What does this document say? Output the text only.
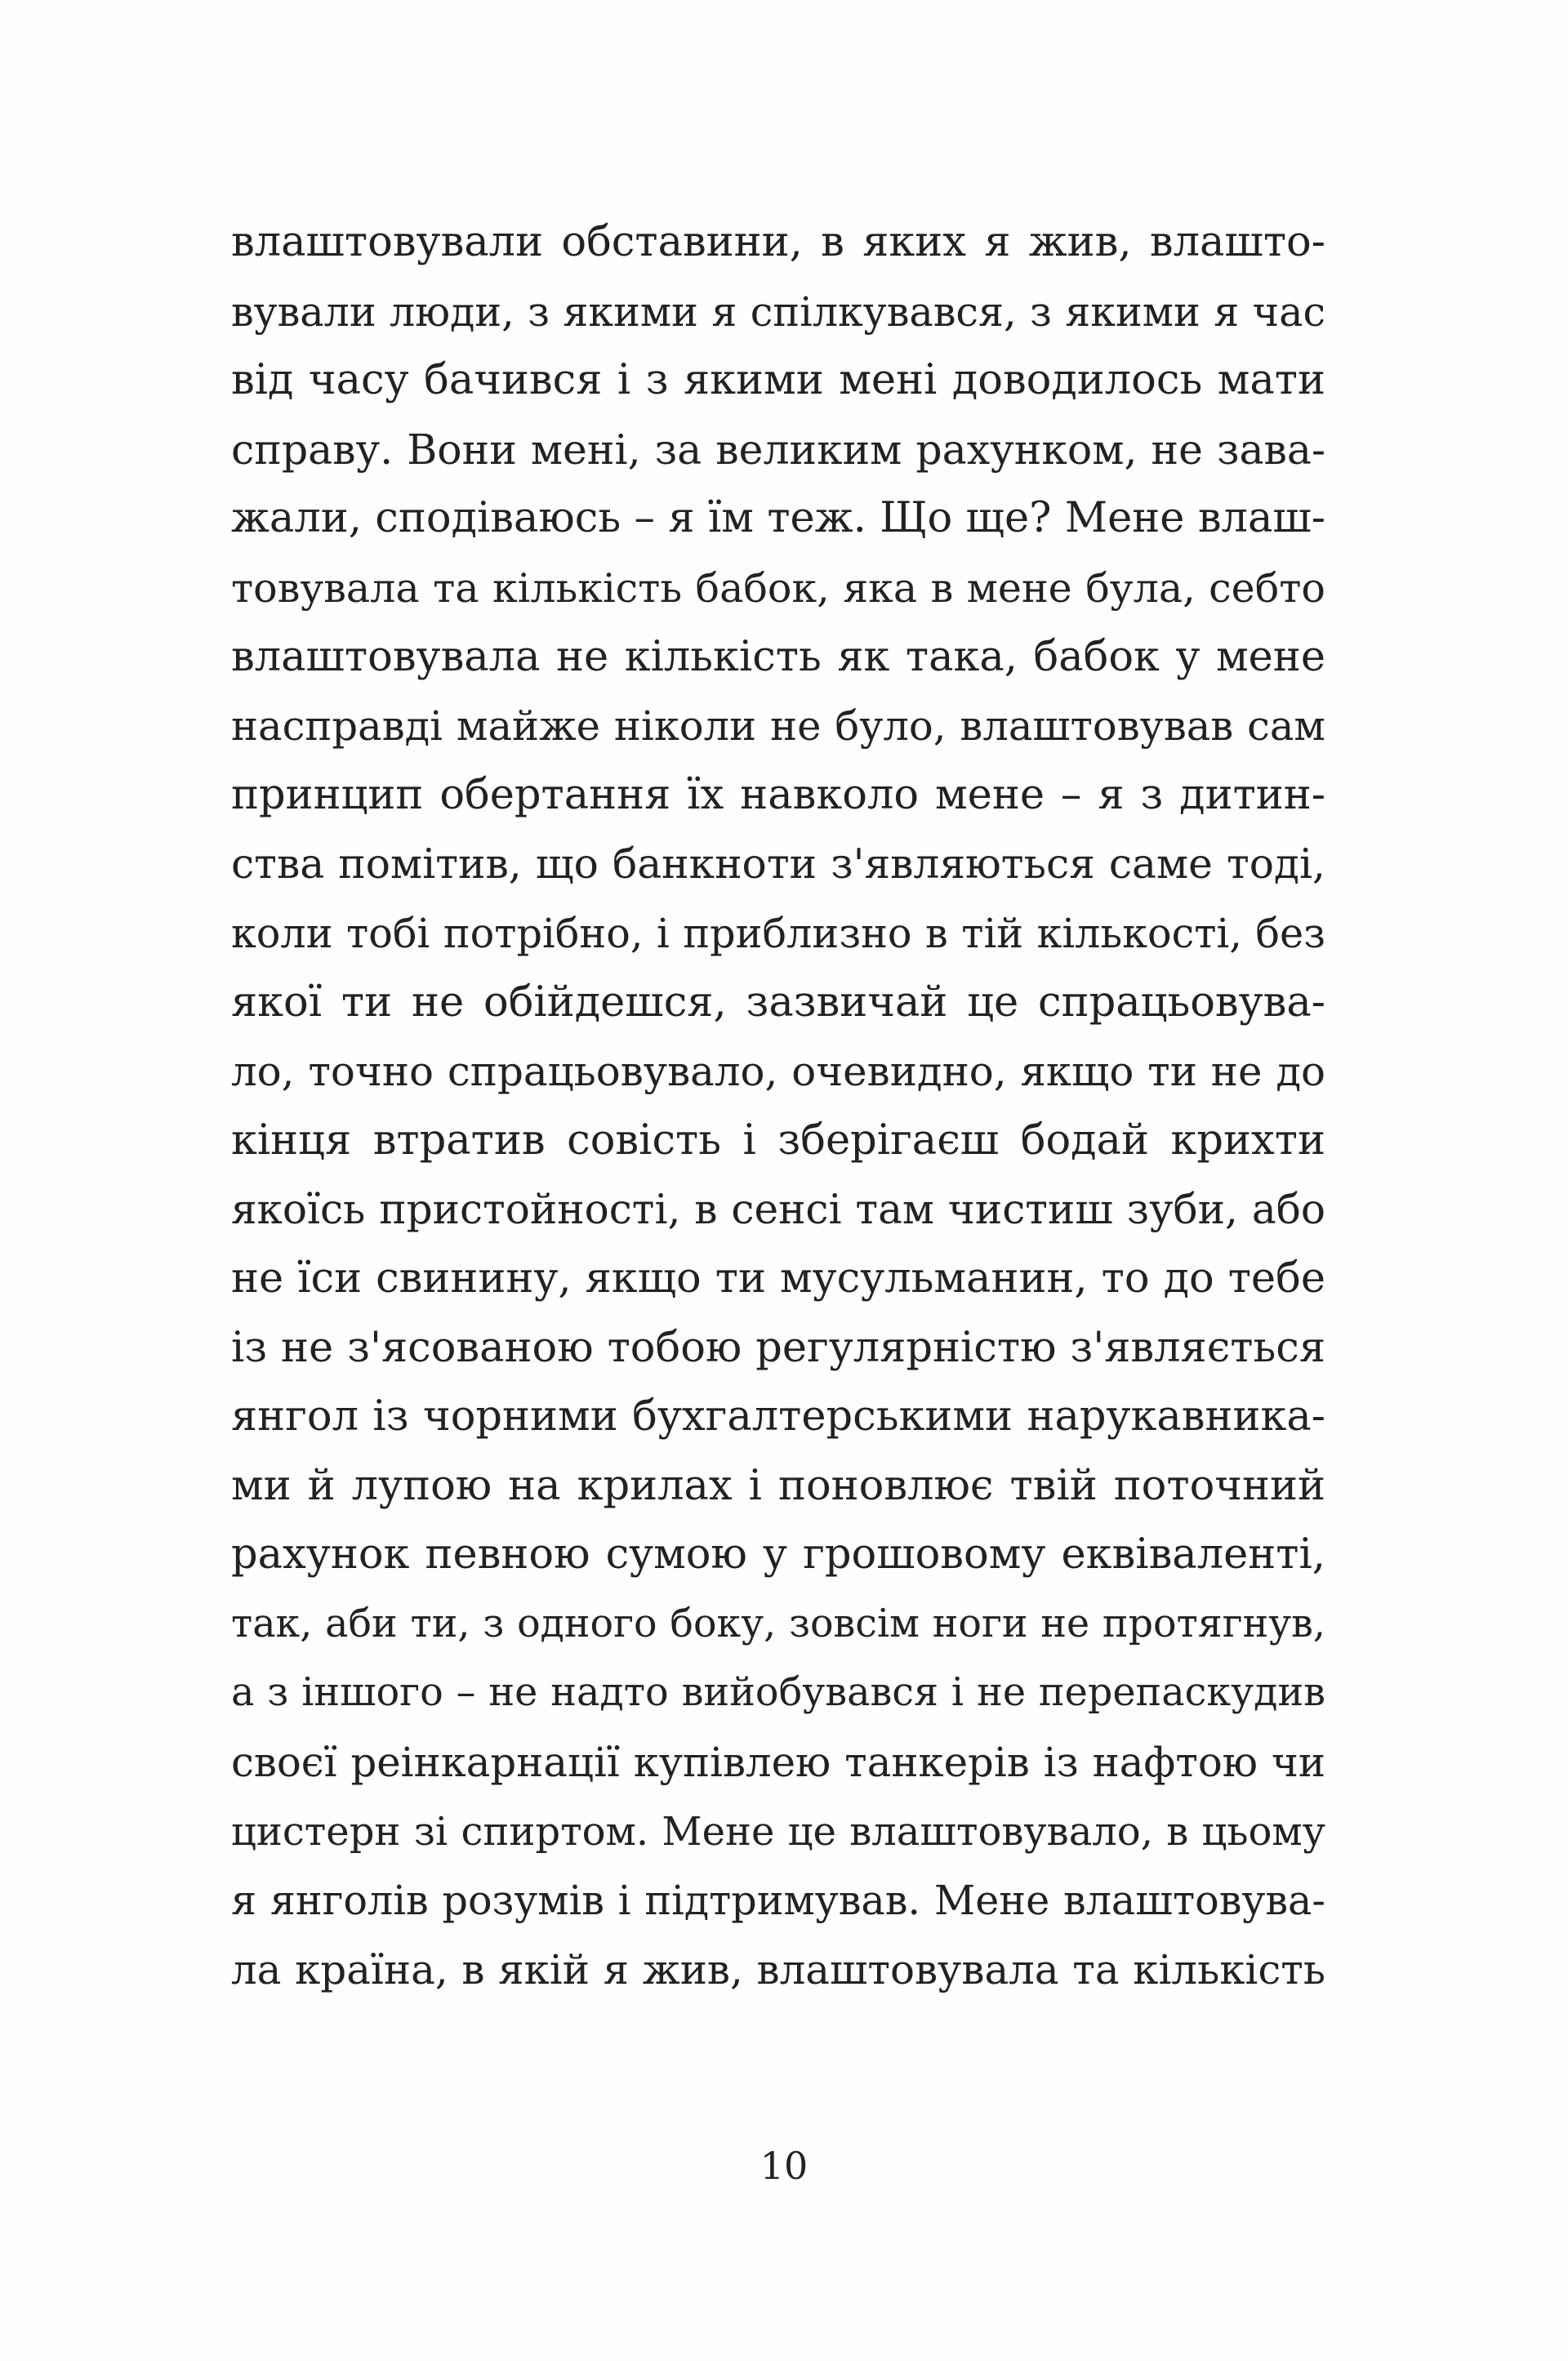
влаштовували обставини, в яких я жив, влашто-
вували люди, з якими я спілкувався, з якими я час
від часу бачився і з якими мені доводилось мати
справу. Вони мені, за великим рахунком, не зава-
жали, сподіваюсь – я їм теж. Що ще? Мене влаш-
товувала та кількість бабок, яка в мене була, себто
влаштовувала не кількість як така, бабок у мене
насправді майже ніколи не було, влаштовував сам
принцип обертання їх навколо мене – я з дитин-
ства помітив, що банкноти з'являються саме тоді,
коли тобі потрібно, і приблизно в тій кількості, без
якої ти не обійдешся, зазвичай це спрацьовува-
ло, точно спрацьовувало, очевидно, якщо ти не до
кінця втратив совість і зберігаєш бодай крихти
якоїсь пристойності, в сенсі там чистиш зуби, або
не їси свинину, якщо ти мусульманин, то до тебе
із не з'ясованою тобою регулярністю з'являється
янгол із чорними бухгалтерськими нарукавника-
ми й лупою на крилах і поновлює твій поточний
рахунок певною сумою у грошовому еквіваленті,
так, аби ти, з одного боку, зовсім ноги не протягнув,
а з іншого – не надто вийобувався і не перепаскудив
своєї реінкарнації купівлею танкерів із нафтою чи
цистерн зі спиртом. Мене це влаштовувало, в цьому
я янголів розумів і підтримував. Мене влаштовува-
ла країна, в якій я жив, влаштовувала та кількість
10
